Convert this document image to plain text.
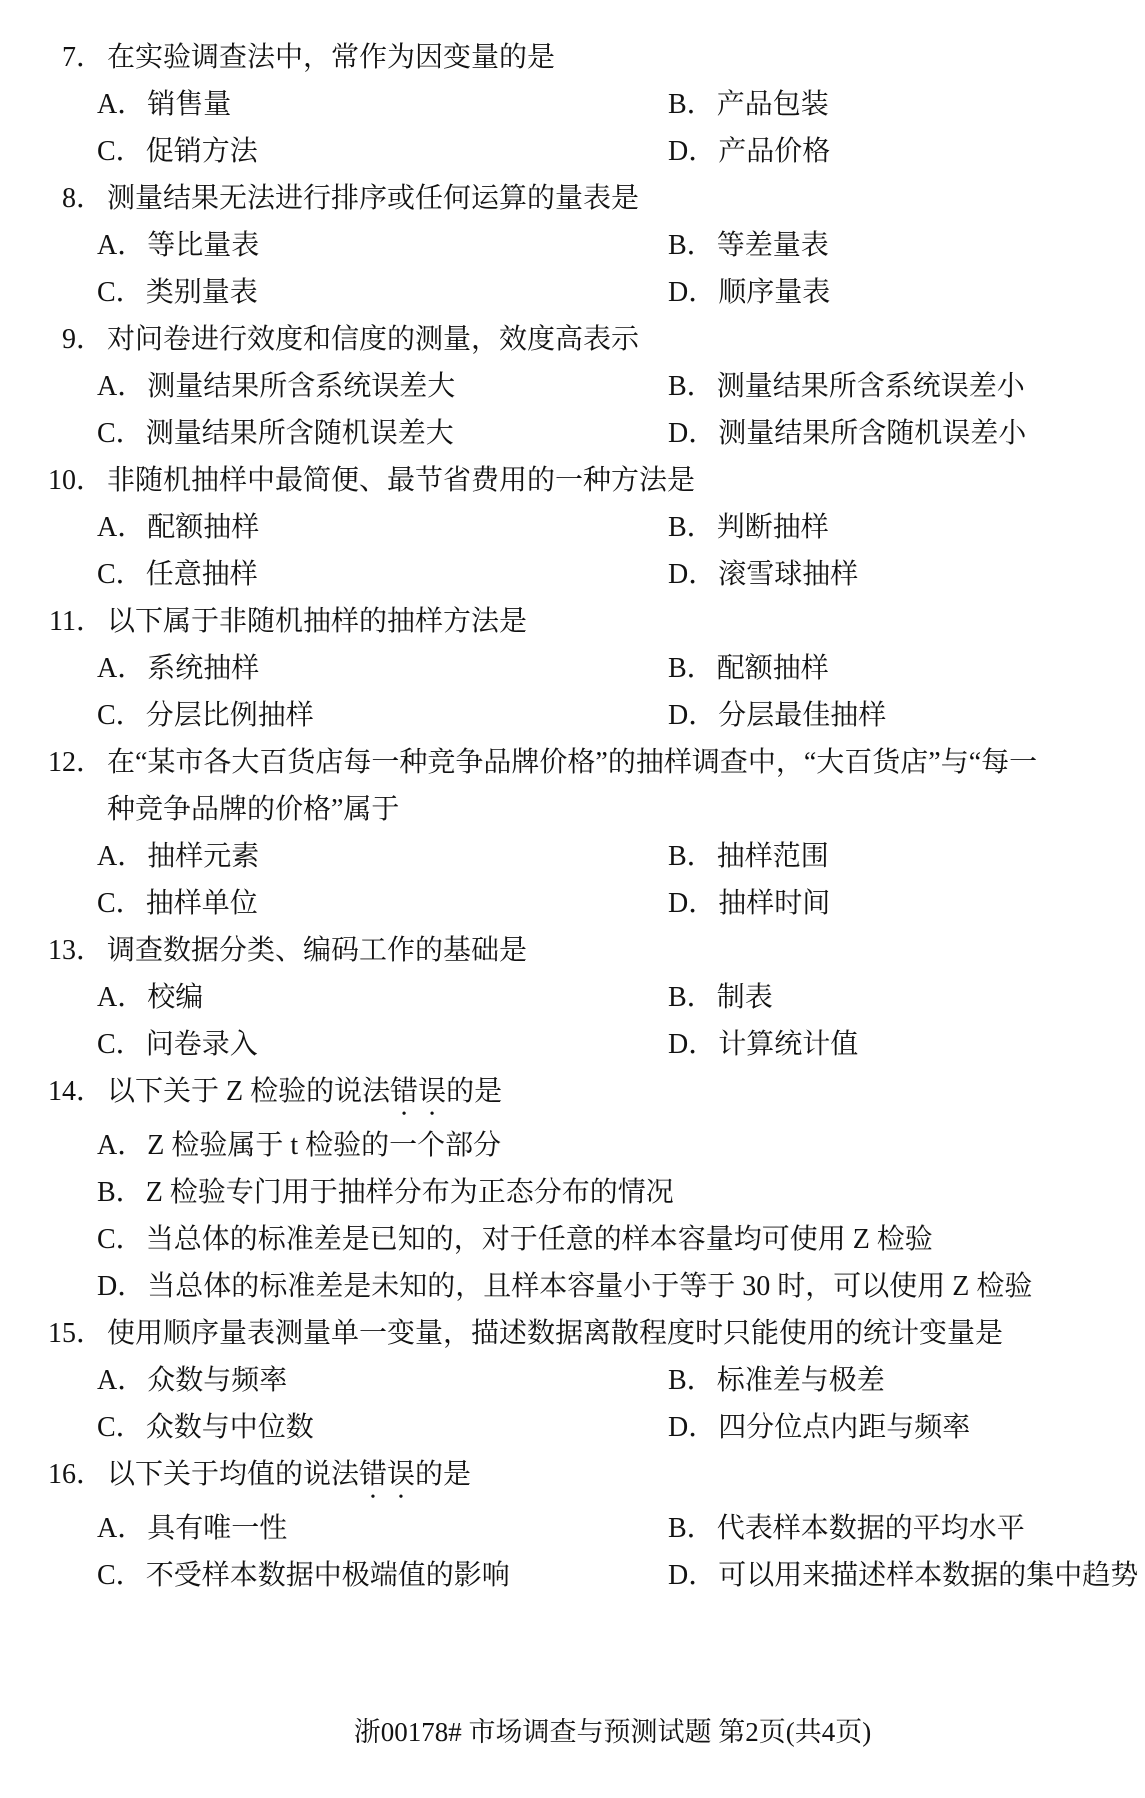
7． 在实验调查法中，常作为因变量的是
A．销售量	B．产品包装
C．促销方法	D．产品价格
8． 测量结果无法进行排序或任何运算的量表是
A．等比量表	B．等差量表
C．类别量表	D．顺序量表
9． 对问卷进行效度和信度的测量，效度高表示
A．测量结果所含系统误差大	B．测量结果所含系统误差小
C．测量结果所含随机误差大	D．测量结果所含随机误差小
10． 非随机抽样中最简便、最节省费用的一种方法是
A．配额抽样	B．判断抽样
C．任意抽样	D．滚雪球抽样
11． 以下属于非随机抽样的抽样方法是
A．系统抽样	B．配额抽样
C．分层比例抽样	D．分层最佳抽样
12． 在“某市各大百货店每一种竞争品牌价格”的抽样调查中，“大百货店”与“每一
种竞争品牌的价格”属于
A．抽样元素	B．抽样范围
C．抽样单位	D．抽样时间
13． 调查数据分类、编码工作的基础是
A．校编	B．制表
C．问卷录入	D．计算统计值
14． 以下关于 Z 检验的说法错误的是
A．Z 检验属于 t 检验的一个部分
B．Z 检验专门用于抽样分布为正态分布的情况
C．当总体的标准差是已知的，对于任意的样本容量均可使用 Z 检验
D．当总体的标准差是未知的，且样本容量小于等于 30 时，可以使用 Z 检验
15． 使用顺序量表测量单一变量，描述数据离散程度时只能使用的统计变量是
A．众数与频率	B．标准差与极差
C．众数与中位数	D．四分位点内距与频率
16． 以下关于均值的说法错误的是
A．具有唯一性	B．代表样本数据的平均水平
C．不受样本数据中极端值的影响	D．可以用来描述样本数据的集中趋势
浙00178# 市场调查与预测试题 第2页(共4页)
